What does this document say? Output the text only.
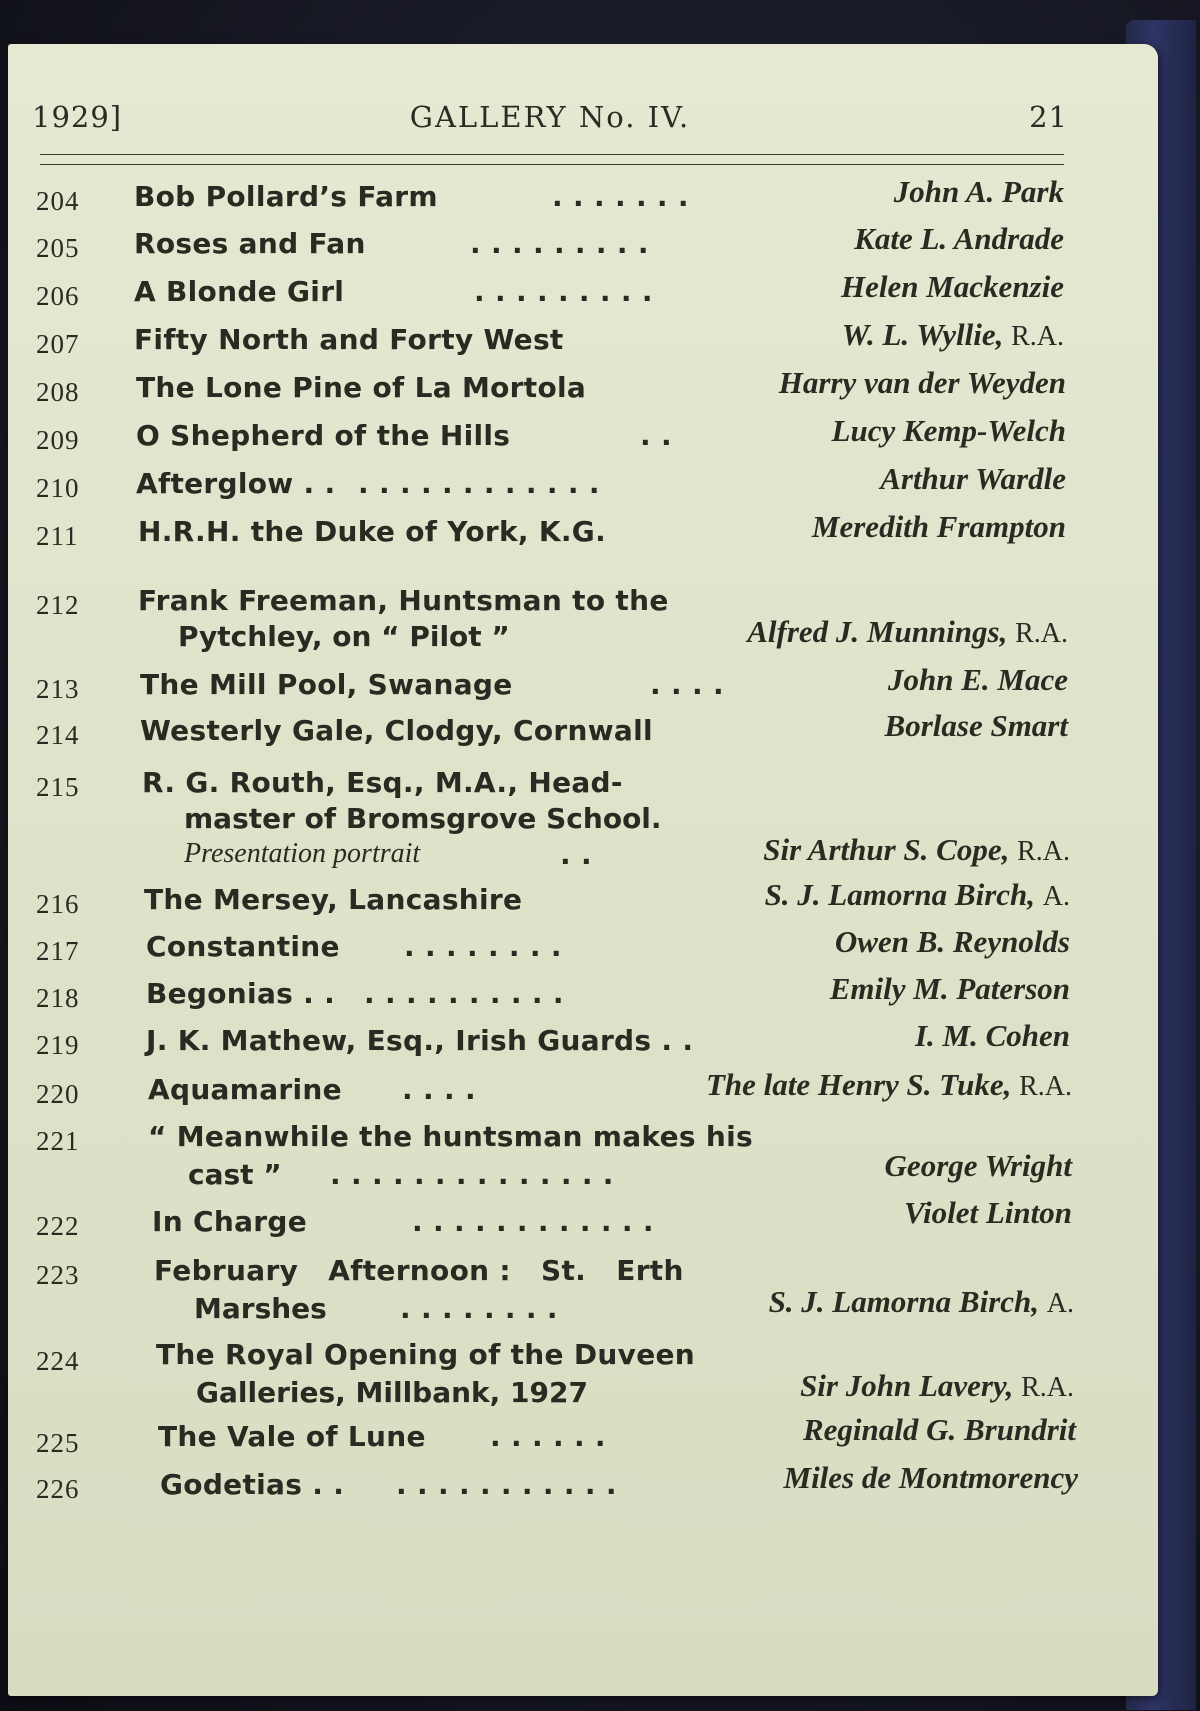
1929]	GALLERY No. IV.	21
204 Bob Pollard’s Farm	. . . . . . .	John A. Park
205 Roses and Fan	. . . . . . . . .	Kate L. Andrade
206 A Blonde Girl	. . . . . . . . .	Helen Mackenzie
207 Fifty North and Forty West	W. L. Wyllie, R.A.
208 The Lone Pine of La Mortola	Harry van der Weyden
209 O Shepherd of the Hills	. .	Lucy Kemp-Welch
210 Afterglow . . . . . . . . . . . . . .	Arthur Wardle
211 H.R.H. the Duke of York, K.G.	Meredith Frampton
212 Frank Freeman, Huntsman to the
Pytchley, on “ Pilot ”	Alfred J. Munnings, R.A.
213 The Mill Pool, Swanage	. . . .	John E. Mace
214 Westerly Gale, Clodgy, Cornwall	Borlase Smart
215 R. G. Routh, Esq., M.A., Head-
master of Bromsgrove School.
Presentation portrait	. .	Sir Arthur S. Cope, R.A.
216 The Mersey, Lancashire	S. J. Lamorna Birch, A.
217 Constantine . . . . . . . .	Owen B. Reynolds
218 Begonias . . . . . . . . . . . .	Emily M. Paterson
219 J. K. Mathew, Esq., Irish Guards . .	I. M. Cohen
220 Aquamarine . . . .	The late Henry S. Tuke, R.A.
221 “ Meanwhile the huntsman makes his
cast ” . . . . . . . . . . . . . .	George Wright
222	In Charge	. . . . . . . . . . . .	Violet Linton
223	February   Afternoon :   St.   Erth
Marshes	. . . . . . . .	S. J. Lamorna Birch, A.
224	The Royal Opening of the Duveen
Galleries, Millbank, 1927	Sir John Lavery, R.A.
225	The Vale of Lune . . . . . .	Reginald G. Brundrit
226	Godetias . . . . . . . . . . . . .	Miles de Montmorency
